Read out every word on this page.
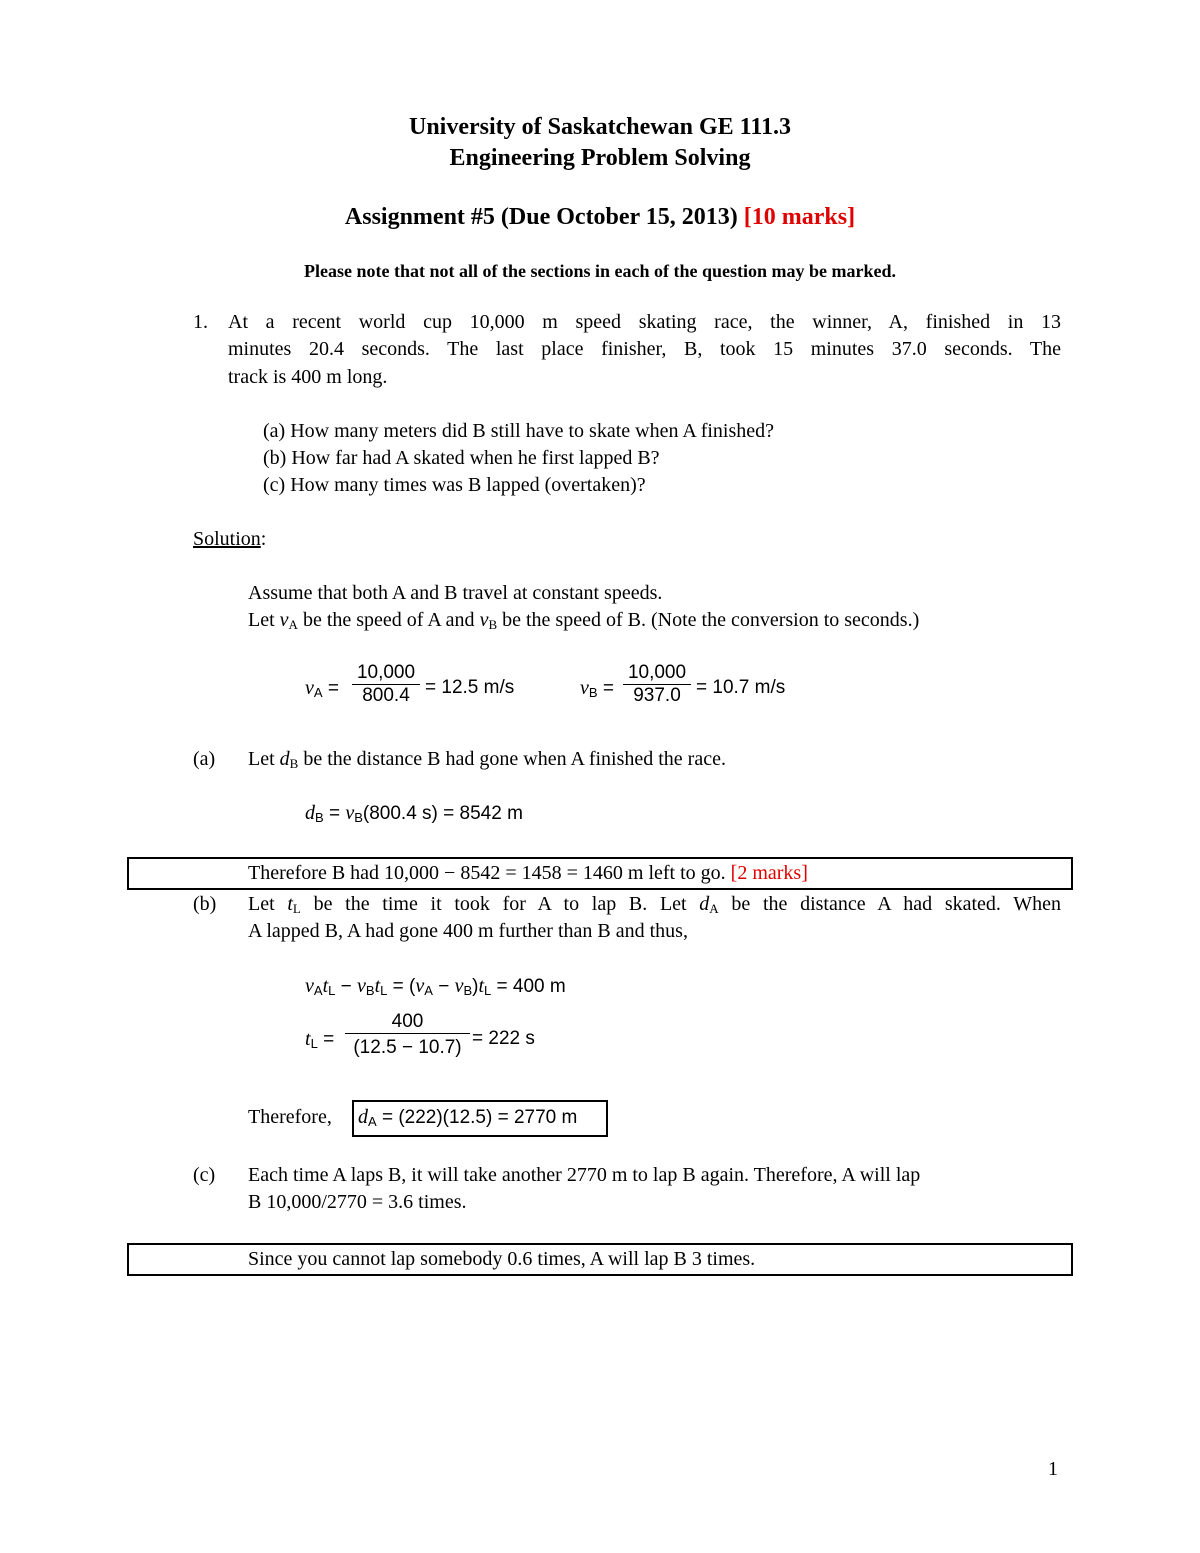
University of Saskatchewan GE 111.3
Engineering Problem Solving
Assignment #5 (Due October 15, 2013) [10 marks]
Please note that not all of the sections in each of the question may be marked.
1. At a recent world cup 10,000 m speed skating race, the winner, A, finished in 13
minutes 20.4 seconds. The last place finisher, B, took 15 minutes 37.0 seconds. The
track is 400 m long.
(a) How many meters did B still have to skate when A finished?
(b) How far had A skated when he first lapped B?
(c) How many times was B lapped (overtaken)?
Solution:
Assume that both A and B travel at constant speeds.
Let $v_A$ be the speed of A and $v_B$ be the speed of B. (Note the conversion to seconds.)
$v_A = \frac{10,000}{800.4} = 12.5$ m/s	$v_B = \frac{10,000}{937.0} = 10.7$ m/s
(a) Let $d_B$ be the distance B had gone when A finished the race.
$d_B = v_B(800.4$ s) = 8542 m
Therefore B had 10,000 − 8542 = 1458 = 1460 m left to go. [2 marks]
(b) Let $t_L$ be the time it took for A to lap B. Let $d_A$ be the distance A had skated. When
A lapped B, A had gone 400 m further than B and thus,
$v_At_L - v_Bt_L = (v_A - v_B)t_L = 400$ m
$t_L = \frac{400}{(12.5 - 10.7)} = 222$ s
Therefore, $d_A = (222)(12.5) = 2770$ m
(c) Each time A laps B, it will take another 2770 m to lap B again. Therefore, A will lap
B 10,000/2770 = 3.6 times.
Since you cannot lap somebody 0.6 times, A will lap B 3 times.
1
